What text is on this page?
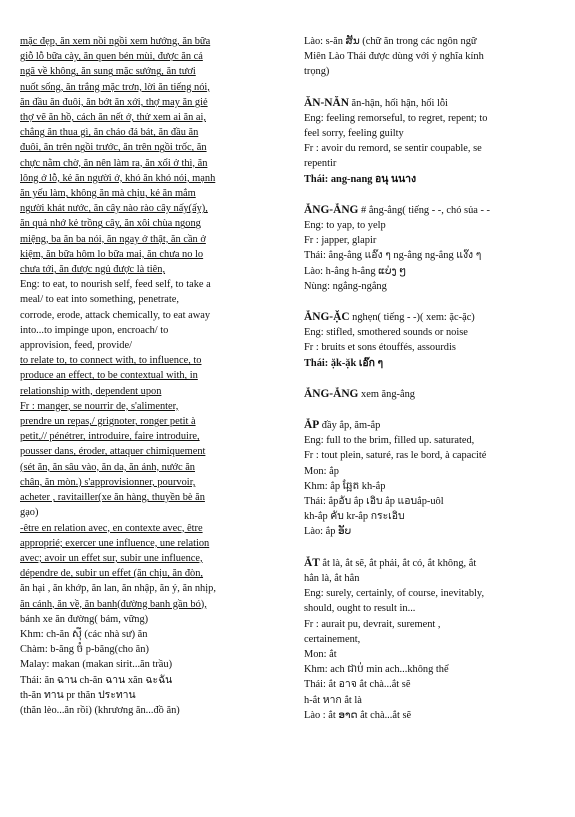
mặc đẹp, ăn xem nồi ngồi xem hướng, ăn bữa
giỗ lỗ bữa cày, ăn quen bén mùi, được ăn cả
ngã về không, ăn sung mặc sướng, ăn tươi
nuốt sống, ăn trắng mặc trơn, lời ăn tiếng nói,
ăn đầu ăn đuôi, ăn bớt ăn xới, thợ may ăn giẻ
thợ vẽ ăn hồ, cách ăn nết ở, thử xem ai ăn ai,
chẳng ăn thua gì, ăn cháo đá bát, ăn đầu ăn
đuôi, ăn trên ngồi trước, ăn trên ngồi trốc, ăn
chực nằm chờ, ăn nên làm ra, ăn xổi ở thì, ăn
lông ở lỗ, kẻ ăn người ở, khó ăn khó nói, mạnh
ăn yếu làm, không ăn mà chịu, kẻ ăn mắm
người khát nước, ăn cây nào rào cây nấy(ấy),
ăn quả nhớ kẻ trồng cây, ăn xôi chùa ngọng
miệng, ba ăn ba nói, ăn ngay ở thật, ăn cần ở
kiệm, ăn bữa hôm lo bữa mai, ăn chưa no lo
chưa tới, ăn được ngủ được là tiên,
Eng: to eat, to nourish self, feed self, to take a
meal/ to eat into something, penetrate,
corrode, erode, attack chemically, to eat away
into...to impinge upon, encroach/ to
approvision, feed, provide/
to relate to, to connect with, to influence, to
produce an effect, to be contextual with, in
relationship with, dependent upon
Fr : manger, se nourrir de, s'alimenter,
prendre un repas,/ grignoter, ronger petit à
petit,// pénétrer, introduire, faire introduire,
pousser dans, éroder, attaquer chimiquement
(sét ăn, ăn sâu vào, ăn da, ăn ảnh, nước ăn
chân, ăn mòn.) s'approvisionner, pourvoir,
acheter , ravitailler(xe ăn hàng, thuyền bè ăn
gạo)
-être en relation avec, en contexte avec, être
approprié; exercer une influence, une relation
avec; avoir un effet sur, subir une influence,
dépendre de, subir un effet (ăn chịu, ăn đòn,
ăn hại , ăn khớp, ăn lan, ăn nhập, ăn ý, ăn nhịp,
ăn cánh, ăn về, ăn banh(đường banh gần bó),
bánh xe ăn đường( bám, vững)
Khm: ch-ăn ស៊ី (các nhà sư) ăn
Chàm: b-ăng ចំ p-băng(cho ăn)
Malay: makan (makan sirit...ăn trầu)
Thái: ăn ฉาน ch-ăn ฉาน xăn ฉะฉัน
th-ăn ทาน pr thăn ประทาน
(thăn lèo...ăn rồi) (khrương ăn...đồ ăn)
Lào: s-ăn ສັນ (chữ ăn trong các ngôn ngữ
Miên Lào Thái được dùng với ý nghĩa kính
trọng)
ĂN-NĂN ăn-hận, hối hận, hối lỗi
Eng: feeling remorseful, to regret, repent; to
feel sorry, feeling guilty
Fr : avoir du remord, se sentir coupable, se
repentir
Thái: ang-nang อนุ นนาง
ẮNG-ẲNG # ẳng-ẳng( tiếng - -, chó sủa - -
Eng: to yap, to yelp
Fr : japper, glapir
Thái: ẳng-ẳng แอ๊ง ๆ ng-ẳng ng-ẳng แง๊ง ๆ
Lào: h-ẳng h-ẳng ແບ່ງ ໆ
Nùng: ngẳng-ngẳng
ẮNG-ẶC nghẹn( tiếng - -)( xem: ặc-ặc)
Eng: stifled, smothered sounds or noise
Fr : bruits et sons étouffés, assourdis
Thái: ặk-ặk เอ๊ก ๆ
ẲNG-ẲNG xem ăng-ẳng
ẮP đầy ắp, ăm-ắp
Eng: full to the brim, filled up. saturated,
Fr : tout plein, saturé, ras le bord, à capacité
Mon: ắp
Khm: ắp ឆ្អែត kh-ắp
Thái: ắpอับ ắp เอิบ ắp แอบắp-uôl
kh-ắp คับ kr-ắp กระเอิบ
Lào: ắp ອັບ
ẮT ắt là, ắt sẽ, ắt phải, ắt có, ắt không, ắt
hẳn là, ắt hẳn
Eng: surely, certainly, of course, inevitably,
should, ought to result in...
Fr : aurait pu, devrait, surement ,
certainement,
Mon: ắt
Khm: ach ជាប់ min ach...không thể
Thái: ắt อาจ ắt chà...ắt sẽ
h-ắt หาก ắt là
Lào : ắt ອາດ ắt chà...ắt sẽ
